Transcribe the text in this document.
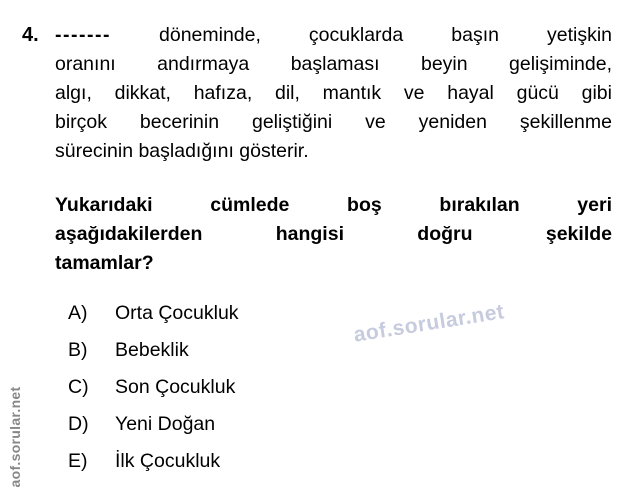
4. ------- döneminde, çocuklarda başın yetişkin
oranını andırmaya başlaması beyin gelişiminde,
algı, dikkat, hafıza, dil, mantık ve hayal gücü gibi
birçok becerinin geliştiğini ve yeniden şekillenme
sürecinin başladığını gösterir.
Yukarıdaki cümlede boş bırakılan yeri
aşağıdakilerden hangisi doğru şekilde
tamamlar?
A)	Orta Çocukluk
B)	Bebeklik
C)	Son Çocukluk
D)	Yeni Doğan
E)	İlk Çocukluk
aof.sorular.net
aof.sorular.net
